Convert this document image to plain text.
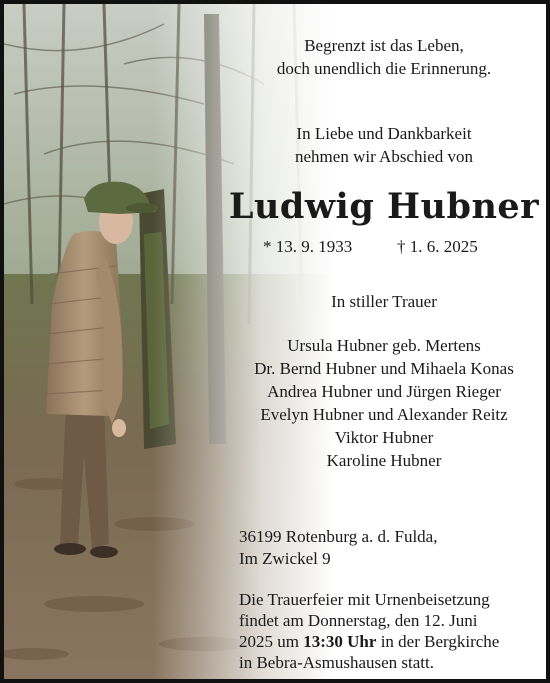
Begrenzt ist das Leben,
doch unendlich die Erinnerung.
In Liebe und Dankbarkeit
nehmen wir Abschied von
Ludwig Hubner
* 13. 9. 1933	† 1. 6. 2025
In stiller Trauer
Ursula Hubner geb. Mertens
Dr. Bernd Hubner und Mihaela Konas
Andrea Hubner und Jürgen Rieger
Evelyn Hubner und Alexander Reitz
Viktor Hubner
Karoline Hubner
36199 Rotenburg a. d. Fulda,
Im Zwickel 9
Die Trauerfeier mit Urnenbeisetzung
findet am Donnerstag, den 12. Juni
2025 um 13:30 Uhr in der Bergkirche
in Bebra-Asmushausen statt.
